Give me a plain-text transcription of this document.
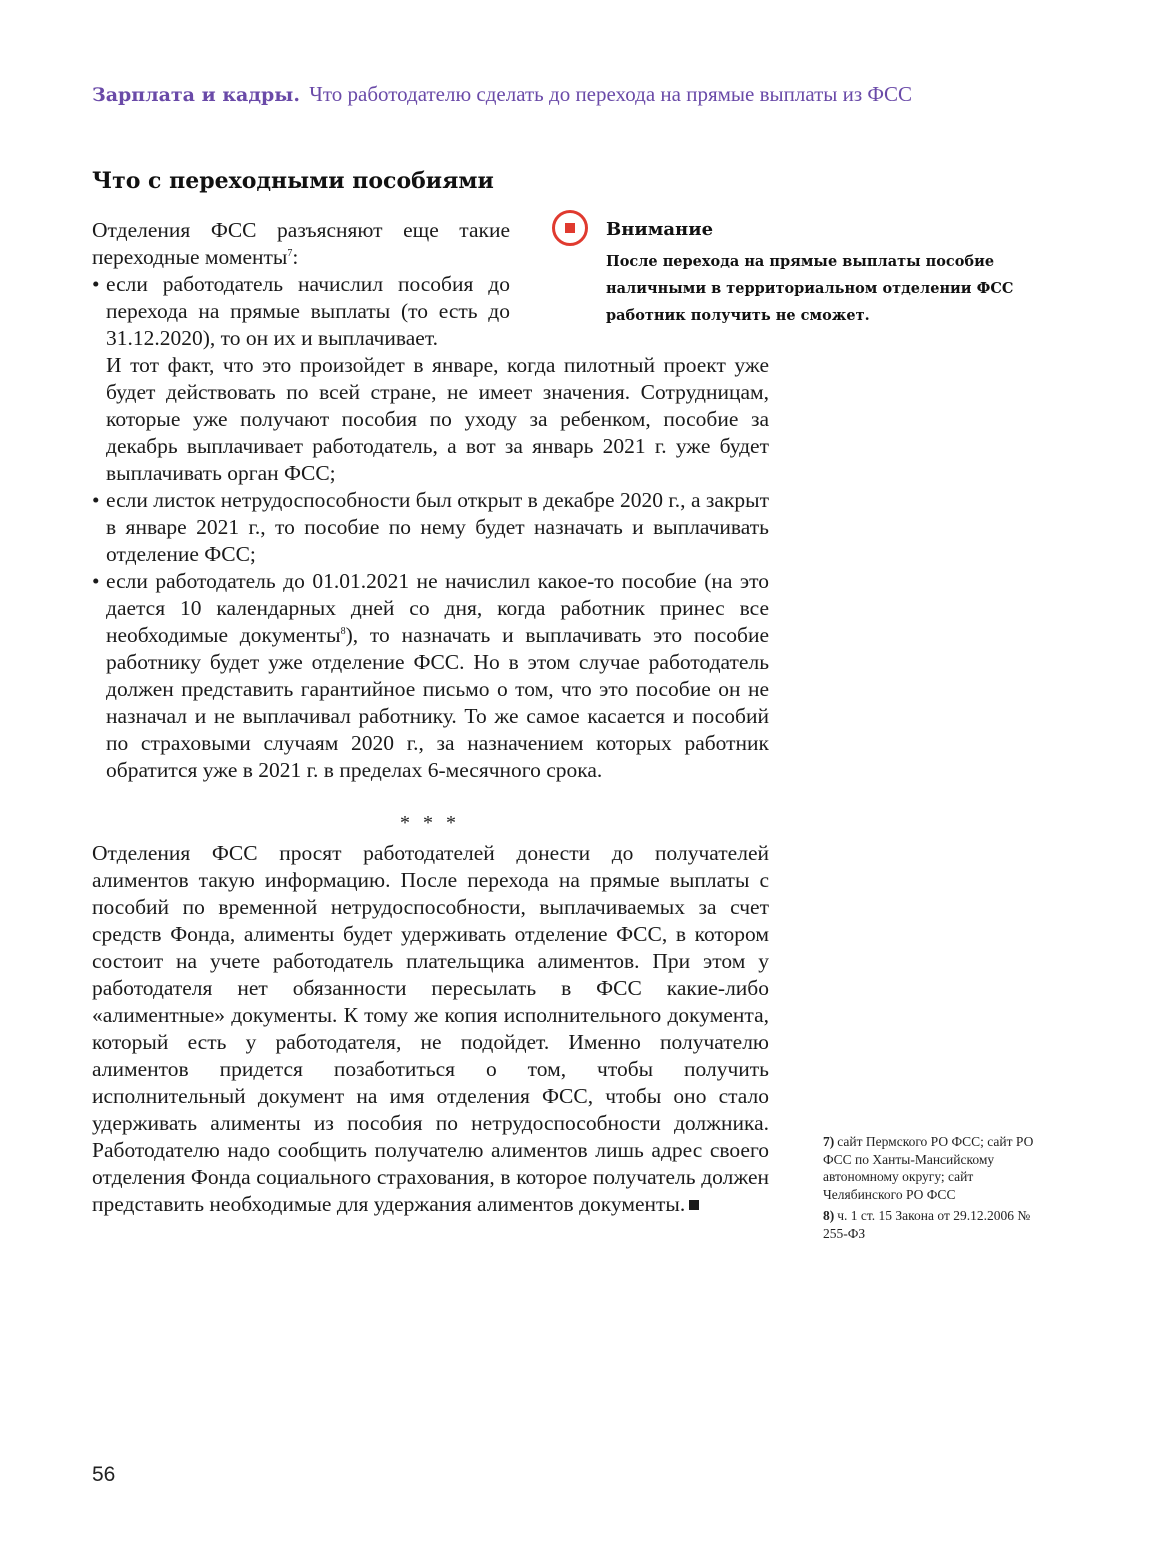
Зарплата и кадры. Что работодателю сделать до перехода на прямые выплаты из ФСС
Что с переходными пособиями

Отделения ФСС разъясняют еще такие переходные моменты$^7$:

Внимание

После перехода на прямые выплаты пособие наличными в территориальном отделении ФСС работник получить не сможет.

• если работодатель начислил пособия до перехода на прямые выплаты (то есть до 31.12.2020), то он их и выплачивает.
И тот факт, что это произойдет в январе, когда пилотный проект уже будет действовать по всей стране, не имеет значения. Сотрудницам, которые уже получают пособия по уходу за ребенком, пособие за декабрь выплачивает работодатель, а вот за январь 2021 г. уже будет выплачивать орган ФСС;
• если листок нетрудоспособности был открыт в декабре 2020 г., а закрыт в январе 2021 г., то пособие по нему будет назначать и выплачивать отделение ФСС;
• если работодатель до 01.01.2021 не начислил какое-то пособие (на это дается 10 календарных дней со дня, когда работник принес все необходимые документы$^8$), то назначать и выплачивать это пособие работнику будет уже отделение ФСС. Но в этом случае работодатель должен представить гарантийное письмо о том, что это пособие он не назначал и не выплачивал работнику. То же самое касается и пособий по страховыми случаям 2020 г., за назначением которых работник обратится уже в 2021 г. в пределах 6-месячного срока.
* * *

Отделения ФСС просят работодателей донести до получателей алиментов такую информацию. После перехода на прямые выплаты с пособий по временной нетрудоспособности, выплачиваемых за счет средств Фонда, алименты будет удерживать отделение ФСС, в котором состоит на учете работодатель плательщика алиментов. При этом у работодателя нет обязанности пересылать в ФСС какие-либо «алиментные» документы. К тому же копия исполнительного документа, который есть у работодателя, не подойдет. Именно получателю алиментов придется позаботиться о том, чтобы получить исполнительный документ на имя отделения ФСС, чтобы оно стало удерживать алименты из пособия по нетрудоспособности должника. Работодателю надо сообщить получателю алиментов лишь адрес своего отделения Фонда социального страхования, в которое получатель должен представить необходимые для удержания алиментов документы.

7) сайт Пермского РО ФСС; сайт РО ФСС по Ханты-Мансийскому автономному округу; сайт Челябинского РО ФСС

8) ч. 1 ст. 15 Закона от 29.12.2006 № 255-ФЗ

56
